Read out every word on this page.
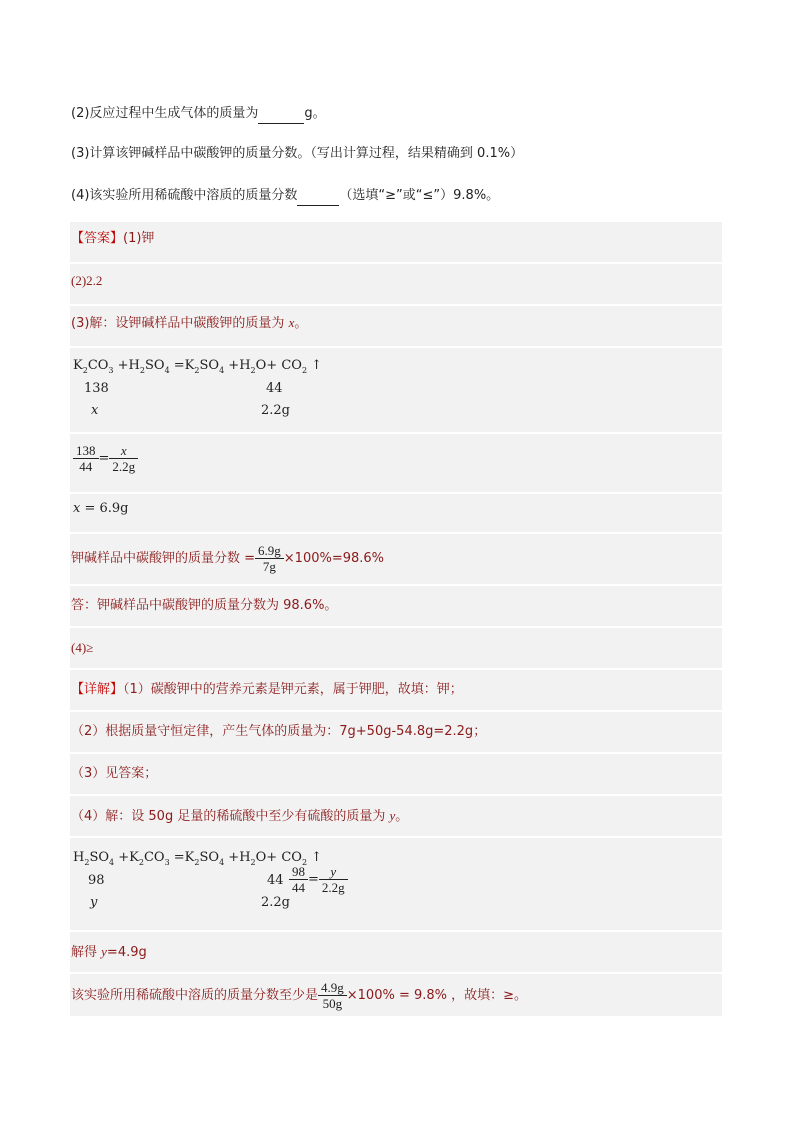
(2)反应过程中生成气体的质量为	g。
(3)计算该钾碱样品中碳酸钾的质量分数。（写出计算过程，结果精确到 0.1%）
(4)该实验所用稀硫酸中溶质的质量分数	（选填“≥”或“≤”）9.8%。
【答案】(1)钾
(2)2.2
(3)解：设钾碱样品中碳酸钾的质量为 x。
$K_2CO_3 +H_2SO_4 =K_2SO_4 +H_2O+ CO_2$ ↑
138	44
x	2.2g
$\frac{138}{44} = \frac{x}{2.2g}$
x = 6.9g
钾碱样品中碳酸钾的质量分数 = $\frac{6.9g}{7g} \times 100\%=98.6\%$
答：钾碱样品中碳酸钾的质量分数为 98.6%。
(4)≥
【详解】（1）碳酸钾中的营养元素是钾元素，属于钾肥，故填：钾；
（2）根据质量守恒定律，产生气体的质量为：7g+50g-54.8g=2.2g；
（3）见答案；
（4）解：设 50g 足量的稀硫酸中至少有硫酸的质量为 y。
$H_2SO_4 +K_2CO_3 =K_2SO_4 +H_2O+ CO_2$ ↑
98	44
y	2.2g
$\frac{98}{44} = \frac{y}{2.2g}$
解得 y=4.9g
该实验所用稀硫酸中溶质的质量分数至少是 $\frac{4.9g}{50g} \times 100\% = 9.8\%$ ，故填：≥。
